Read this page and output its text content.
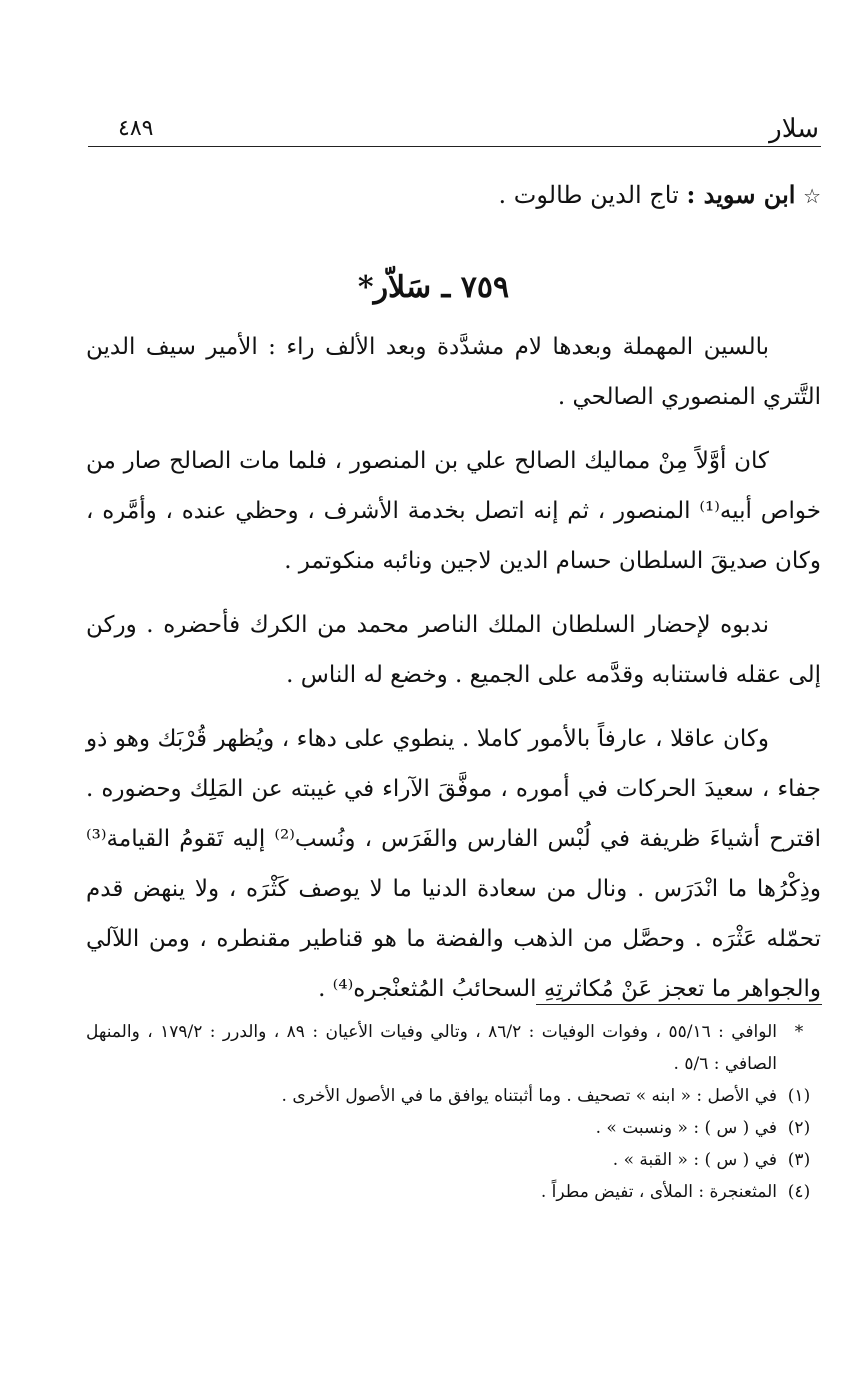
سلار
٤٨٩
☆ ابن سويد : تاج الدين طالوت .
٧٥٩ ـ سَلاّر*

بالسين المهملة وبعدها لام مشدَّدة وبعد الألف راء : الأمير سيف الدين التَّتري المنصوري الصالحي .

كان أوَّلاً مِنْ مماليك الصالح علي بن المنصور ، فلما مات الصالح صار من خواص أبيه⁽¹⁾ المنصور ، ثم إنه اتصل بخدمة الأشرف ، وحظي عنده ، وأمَّره ، وكان صديقَ السلطان حسام الدين لاجين ونائبه منكوتمر .

ندبوه لإحضار السلطان الملك الناصر محمد من الكرك فأحضره . وركن إلى عقله فاستنابه وقدَّمه على الجميع . وخضع له الناس .

وكان عاقلا ، عارفاً بالأمور كاملا . ينطوي على دهاء ، ويُظهر قُرْبَك وهو ذو جفاء ، سعيدَ الحركات في أموره ، موفَّقَ الآراء في غيبته عن المَلِك وحضوره . اقترح أشياءَ ظريفة في لُبْس الفارس والفَرَس ، ونُسب⁽²⁾ إليه تَقومُ القيامة⁽³⁾ وذِكْرُها ما انْدَرَس . ونال من سعادة الدنيا ما لا يوصف كَثْرَه ، ولا ينهض قدم تحمّله عَثْرَه . وحصَّل من الذهب والفضة ما هو قناطير مقنطره ، ومن اللآلي والجواهر ما تعجز عَنْ مُكاثرتِهِ السحائبُ المُثعنْجره⁽⁴⁾ .

*
الوافي : ٥٥/١٦ ، وفوات الوفيات : ٨٦/٢ ، وتالي وفيات الأعيان : ٨٩ ، والدرر : ١٧٩/٢ ، والمنهل الصافي : ٥/٦ .
(١)
في الأصل : « ابنه » تصحيف . وما أثبتناه يوافق ما في الأصول الأخرى .
(٢)
في ( س ) : « ونسبت » .
(٣)
في ( س ) : « القبة » .
(٤)
المثعنجرة : الملأى ، تفيض مطراً .
